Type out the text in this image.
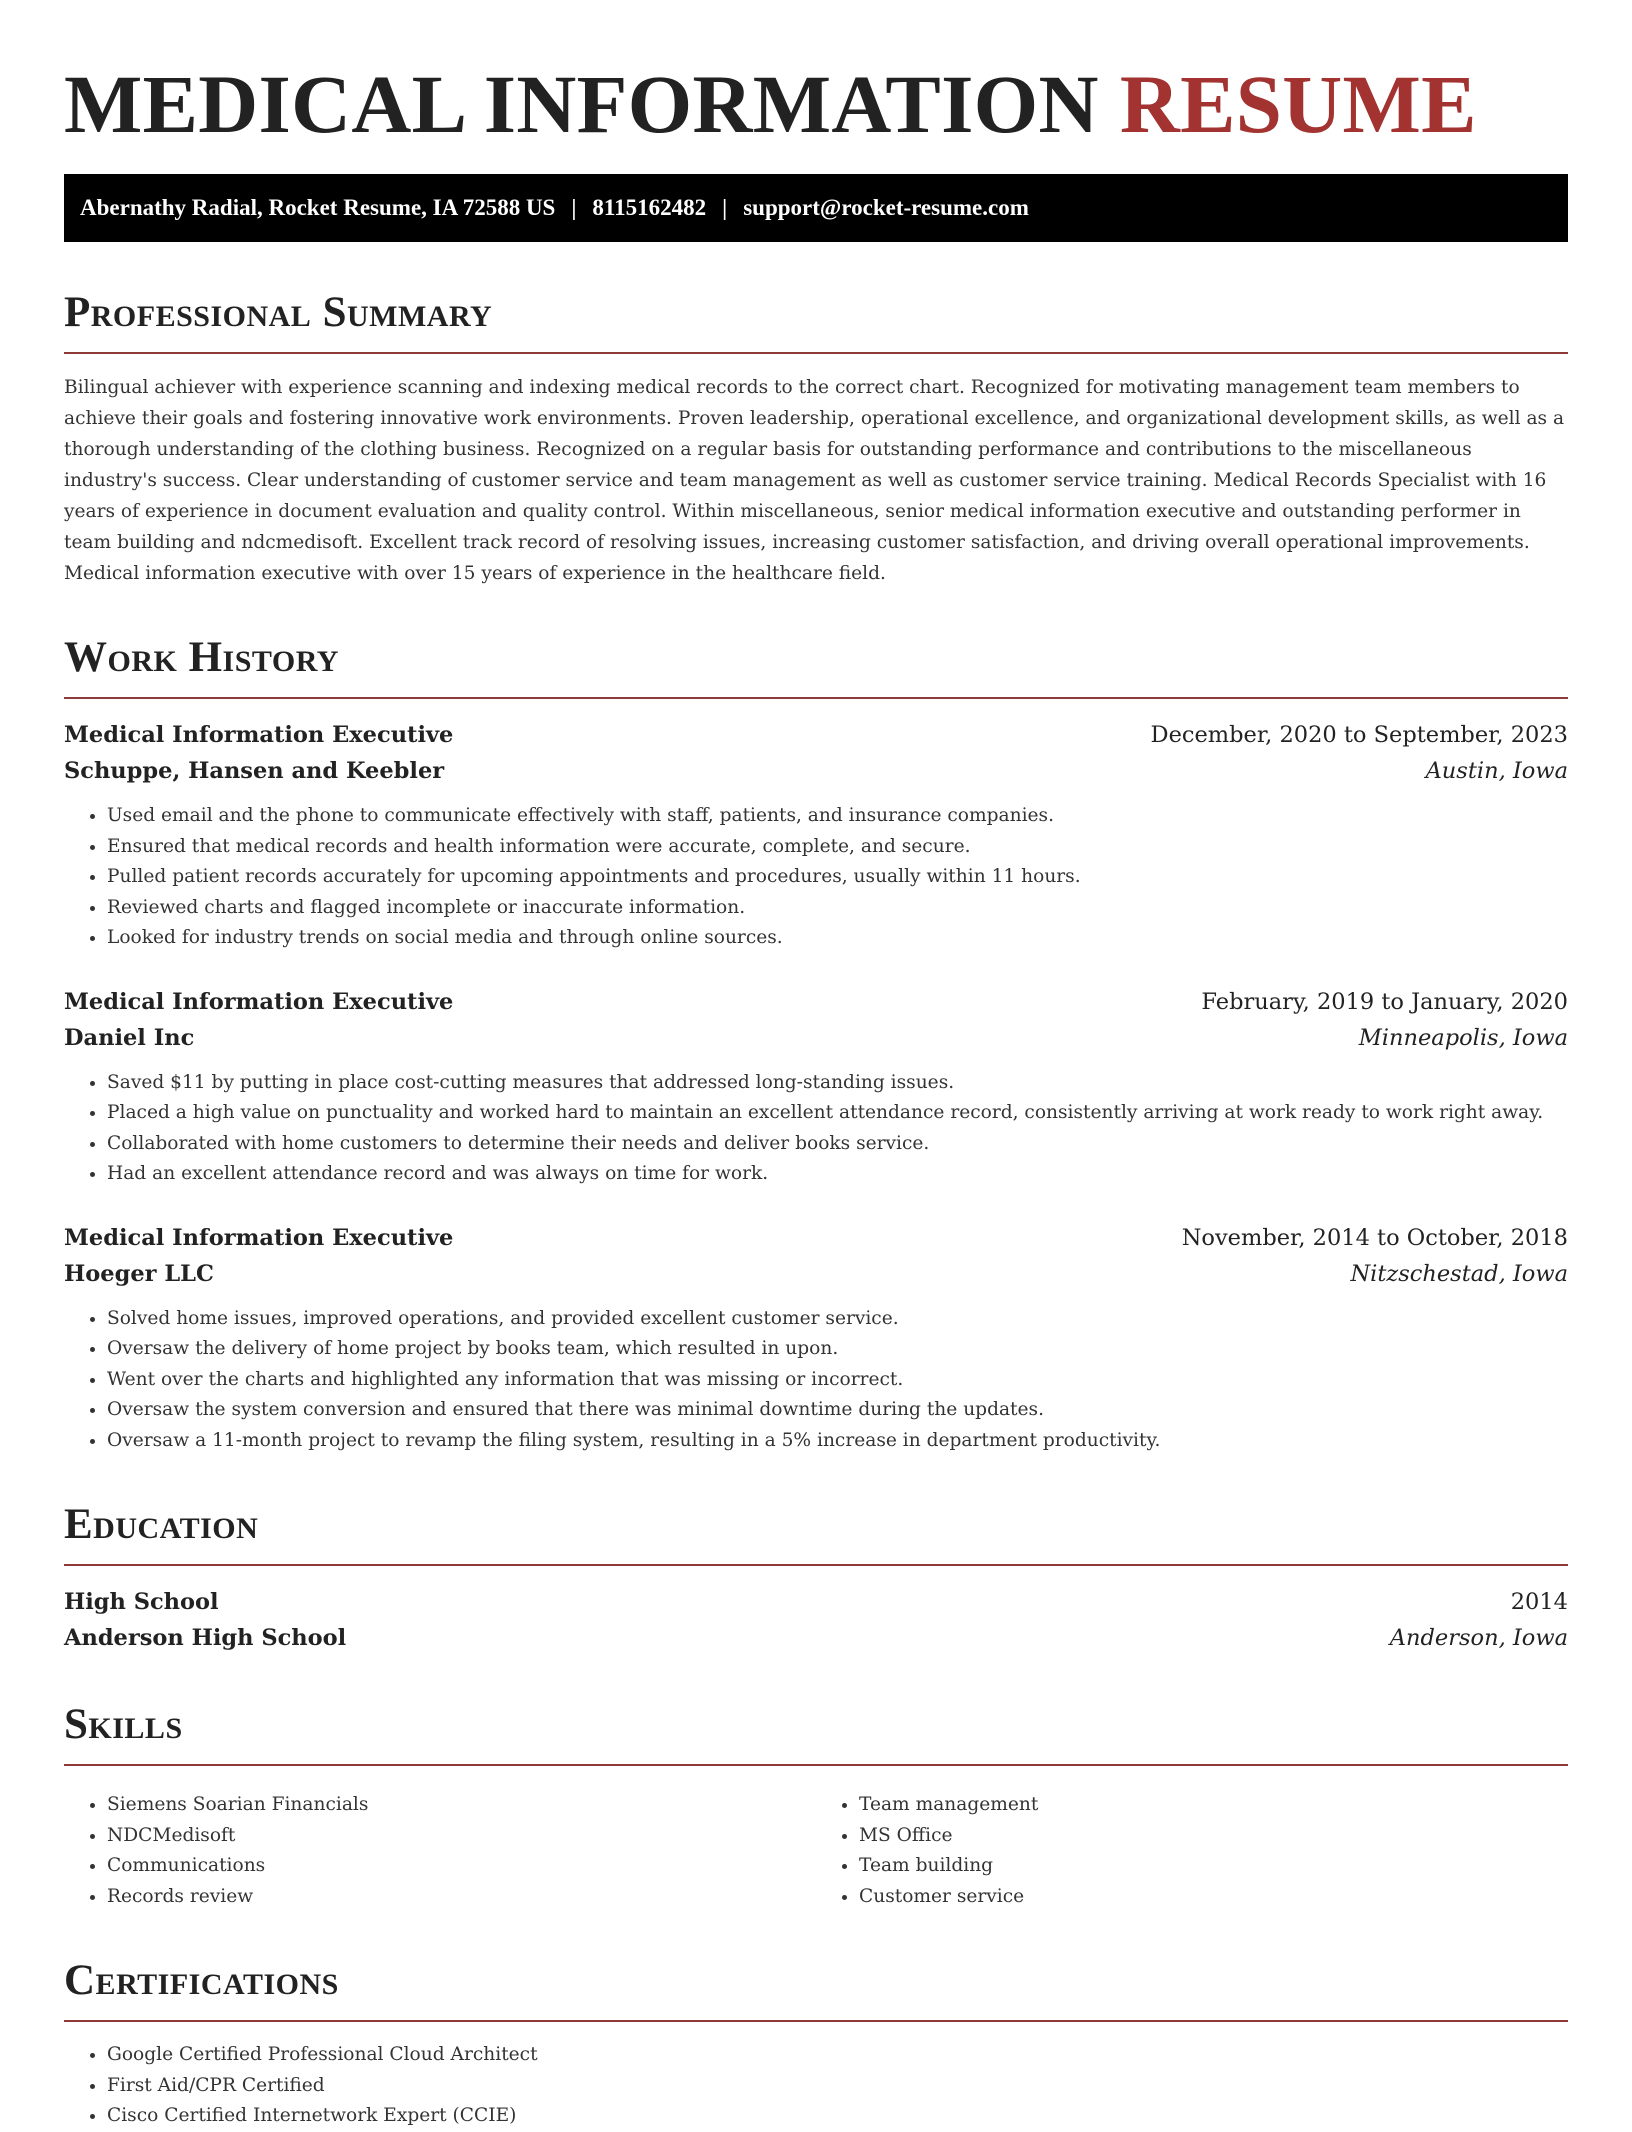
MEDICAL INFORMATION RESUME
Abernathy Radial, Rocket Resume, IA 72588 US | 8115162482 | support@rocket-resume.com
Professional Summary

Bilingual achiever with experience scanning and indexing medical records to the correct chart. Recognized for motivating management team members to achieve their goals and fostering innovative work environments. Proven leadership, operational excellence, and organizational development skills, as well as a thorough understanding of the clothing business. Recognized on a regular basis for outstanding performance and contributions to the miscellaneous industry's success. Clear understanding of customer service and team management as well as customer service training. Medical Records Specialist with 16 years of experience in document evaluation and quality control. Within miscellaneous, senior medical information executive and outstanding performer in team building and ndcmedisoft. Excellent track record of resolving issues, increasing customer satisfaction, and driving overall operational improvements. Medical information executive with over 15 years of experience in the healthcare field.

Work History
Medical Information Executive	December, 2020 to September, 2023
Schuppe, Hansen and Keebler	Austin, Iowa
• Used email and the phone to communicate effectively with staff, patients, and insurance companies.
• Ensured that medical records and health information were accurate, complete, and secure.
• Pulled patient records accurately for upcoming appointments and procedures, usually within 11 hours.
• Reviewed charts and flagged incomplete or inaccurate information.
• Looked for industry trends on social media and through online sources.
Medical Information Executive	February, 2019 to January, 2020
Daniel Inc	Minneapolis, Iowa
• Saved $11 by putting in place cost-cutting measures that addressed long-standing issues.
• Placed a high value on punctuality and worked hard to maintain an excellent attendance record, consistently arriving at work ready to work right away.
• Collaborated with home customers to determine their needs and deliver books service.
• Had an excellent attendance record and was always on time for work.
Medical Information Executive	November, 2014 to October, 2018
Hoeger LLC	Nitzschestad, Iowa
• Solved home issues, improved operations, and provided excellent customer service.
• Oversaw the delivery of home project by books team, which resulted in upon.
• Went over the charts and highlighted any information that was missing or incorrect.
• Oversaw the system conversion and ensured that there was minimal downtime during the updates.
• Oversaw a 11-month project to revamp the filing system, resulting in a 5% increase in department productivity.
Education
High School	2014
Anderson High School	Anderson, Iowa
Skills
• Siemens Soarian Financials
• NDCMedisoft
• Communications
• Records review
• Team management
• MS Office
• Team building
• Customer service
Certifications
• Google Certified Professional Cloud Architect
• First Aid/CPR Certified
• Cisco Certified Internetwork Expert (CCIE)
